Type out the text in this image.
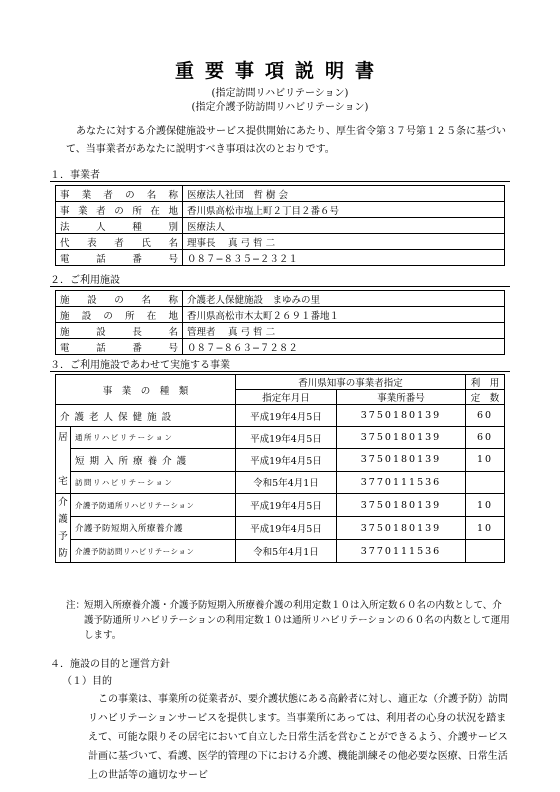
重要事項説明書
(指定訪問リハビリテーション)
(指定介護予防訪問リハビリテーション)
あなたに対する介護保健施設サービス提供開始にあたり、厚生省令第３７号第１２５条に基づいて、当事業者があなたに説明すべき事項は次のとおりです。
１．事業者
事業者の名称	医療法人社団　哲 樹 会
事業者の所在地	香川県高松市塩上町２丁目２番６号
法人種別	医療法人
代表者氏名	理事長　 真 弓 哲 二
電話番号	０８７−８３５−２３２１
２．ご利用施設
施設の名称	介護老人保健施設　まゆみの里
施設の所在地	香川県高松市木太町２６９１番地１
施設長名	管理者　 真 弓 哲 二
電話番号	０８７−８６３−７２８２
３．ご利用施設であわせて実施する事業
事　業　の　種　類		香川県知事の事業者指定		利　用
		指定年月日	事業所番号	定　数
介 護 老 人 保 健 施 設		平成19年4月5日	3750180139	60

居
宅	通所リハビリテーション	平成19年4月5日	3750180139	60
	短 期 入 所 療 養 介 護	平成19年4月5日	3750180139	10
	訪問リハビリテーション	令和5年4月1日	3770111536	

介
護
予
防	介護予防通所リハビリテーション	平成19年4月5日	3750180139	10
	介護予防短期入所療養介護	平成19年4月5日	3750180139	10
	介護予防訪問リハビリテーション	令和5年4月1日	3770111536	
注：
短期入所療養介護・介護予防短期入所療養介護の利用定数１０は入所定数６０名の内数として、介護予防通所リハビリテーションの利用定数１０は通所リハビリテーションの６０名の内数として運用します。
４．施設の目的と運営方針
（１）目的
この事業は、事業所の従業者が、要介護状態にある高齢者に対し、適正な（介護予防）訪問リハビリテーションサービスを提供します。当事業所にあっては、利用者の心身の状況を踏まえて、可能な限りその居宅において自立した日常生活を営むことができるよう、介護サービス計画に基づいて、看護、医学的管理の下における介護、機能訓練その他必要な医療、日常生活上の世話等の適切なサービ
